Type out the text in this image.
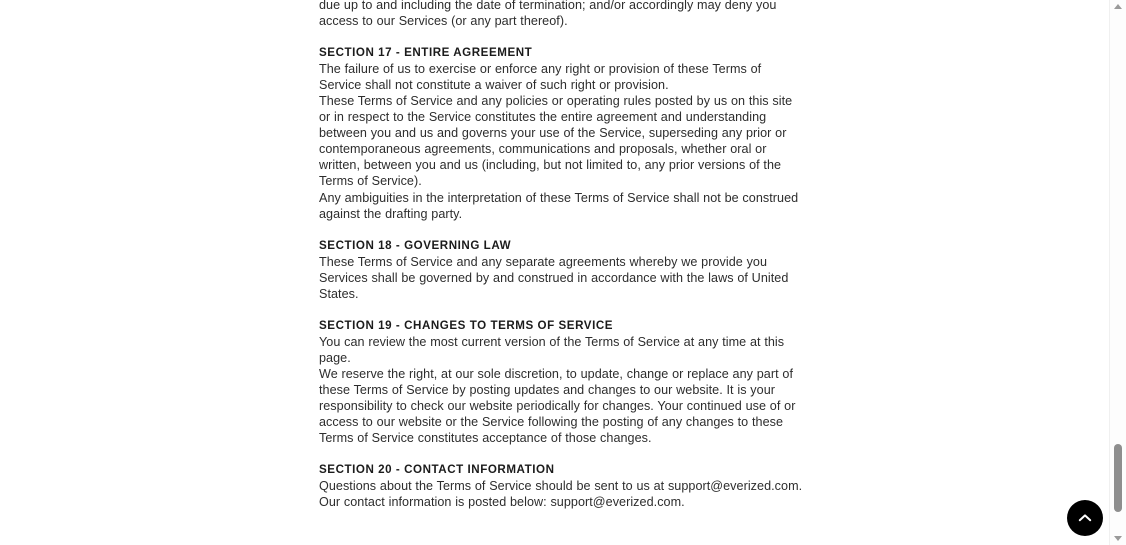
due up to and including the date of termination; and/or accordingly may deny you access to our Services (or any part thereof).

SECTION 17 - ENTIRE AGREEMENT

The failure of us to exercise or enforce any right or provision of these Terms of Service shall not constitute a waiver of such right or provision.

These Terms of Service and any policies or operating rules posted by us on this site or in respect to the Service constitutes the entire agreement and understanding between you and us and governs your use of the Service, superseding any prior or contemporaneous agreements, communications and proposals, whether oral or written, between you and us (including, but not limited to, any prior versions of the Terms of Service).

Any ambiguities in the interpretation of these Terms of Service shall not be construed against the drafting party.

SECTION 18 - GOVERNING LAW

These Terms of Service and any separate agreements whereby we provide you Services shall be governed by and construed in accordance with the laws of United States.

SECTION 19 - CHANGES TO TERMS OF SERVICE

You can review the most current version of the Terms of Service at any time at this page.

We reserve the right, at our sole discretion, to update, change or replace any part of these Terms of Service by posting updates and changes to our website. It is your responsibility to check our website periodically for changes. Your continued use of or access to our website or the Service following the posting of any changes to these Terms of Service constitutes acceptance of those changes.

SECTION 20 - CONTACT INFORMATION

Questions about the Terms of Service should be sent to us at support@everized.com.

Our contact information is posted below: support@everized.com.
